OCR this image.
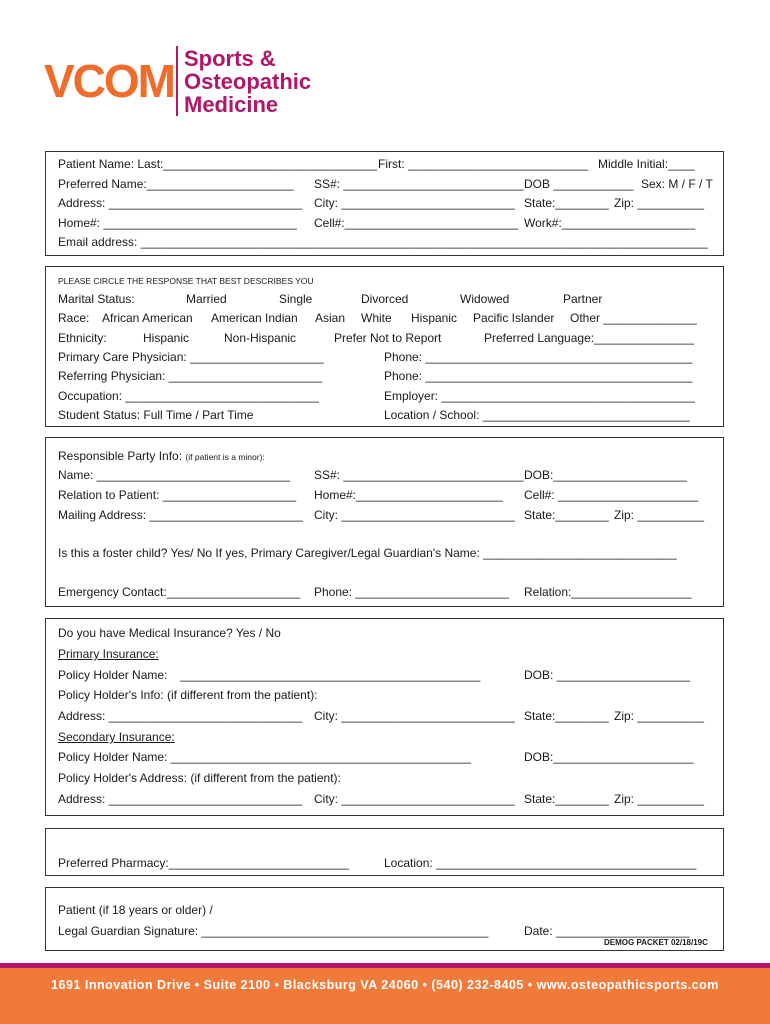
VCOM Sports &
Osteopathic
Medicine
Patient Name: Last:________________________________ First: ___________________________ Middle Initial:____
Preferred Name:______________________ SS#: ___________________________ DOB ____________ Sex: M / F / T
Address: _____________________________ City: __________________________ State:________ Zip: __________
Home#: _____________________________ Cell#:__________________________ Work#:____________________
Email address: _____________________________________________________________________________________
PLEASE CIRCLE THE RESPONSE THAT BEST DESCRIBES YOU
Marital Status:	Married	Single	Divorced	Widowed	Partner
Race: African American American Indian Asian White Hispanic Pacific Islander Other ______________
Ethnicity:	Hispanic	Non-Hispanic	Prefer Not to Report	Preferred Language:_______________
Primary Care Physician: ____________________	Phone: ________________________________________
Referring Physician: _______________________	Phone: ________________________________________
Occupation: _____________________________	Employer: ______________________________________
Student Status: Full Time / Part Time	Location / School: _______________________________
Responsible Party Info: (if patient is a minor):
Name: _____________________________ SS#: ___________________________ DOB:____________________
Relation to Patient: ____________________ Home#:______________________ Cell#: _____________________
Mailing Address: _______________________ City: __________________________ State:________ Zip: __________
Is this a foster child? Yes/ No If yes, Primary Caregiver/Legal Guardian's Name: _____________________________
Emergency Contact:____________________ Phone: _______________________ Relation:__________________
Do you have Medical Insurance? Yes / No
Primary Insurance:
Policy Holder Name: _____________________________________________	DOB: ____________________
Policy Holder's Info: (if different from the patient):
Address: _____________________________ City: __________________________ State:________ Zip: __________
Secondary Insurance:
Policy Holder Name: _____________________________________________	DOB:_____________________
Policy Holder's Address: (if different from the patient):
Address: _____________________________ City: __________________________ State:________ Zip: __________
Preferred Pharmacy:___________________________	Location: _______________________________________
Patient (if 18 years or older) /
Legal Guardian Signature: ___________________________________________	Date: ____________________
DEMOG PACKET 02/18/19C
1691 Innovation Drive • Suite 2100 • Blacksburg VA 24060 • (540) 232-8405 • www.osteopathicsports.com
